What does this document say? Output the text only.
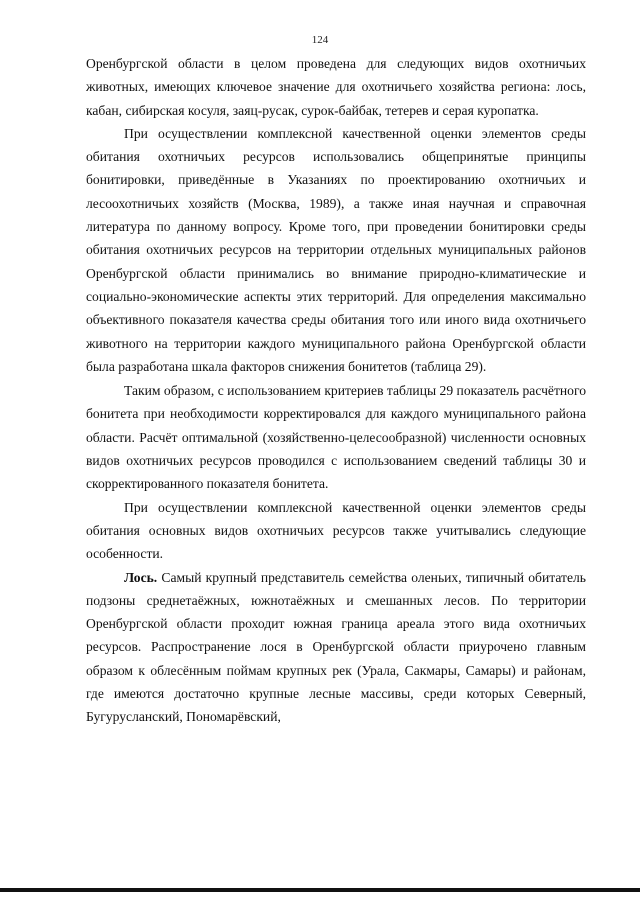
124

Оренбургской области в целом проведена для следующих видов охотничьих животных, имеющих ключевое значение для охотничьего хозяйства региона: лось, кабан, сибирская косуля, заяц-русак, сурок-байбак, тетерев и серая куропатка.

При осуществлении комплексной качественной оценки элементов среды обитания охотничьих ресурсов использовались общепринятые принципы бонитировки, приведённые в Указаниях по проектированию охотничьих и лесоохотничьих хозяйств (Москва, 1989), а также иная научная и справочная литература по данному вопросу. Кроме того, при проведении бонитировки среды обитания охотничьих ресурсов на территории отдельных муниципальных районов Оренбургской области принимались во внимание природно-климатические и социально-экономические аспекты этих территорий. Для определения максимально объективного показателя качества среды обитания того или иного вида охотничьего животного на территории каждого муниципального района Оренбургской области была разработана шкала факторов снижения бонитетов (таблица 29).

Таким образом, с использованием критериев таблицы 29 показатель расчётного бонитета при необходимости корректировался для каждого муниципального района области. Расчёт оптимальной (хозяйственно-целесообразной) численности основных видов охотничьих ресурсов проводился с использованием сведений таблицы 30 и скорректированного показателя бонитета.

При осуществлении комплексной качественной оценки элементов среды обитания основных видов охотничьих ресурсов также учитывались следующие особенности.

Лось. Самый крупный представитель семейства оленьих, типичный обитатель подзоны среднетаёжных, южнотаёжных и смешанных лесов. По территории Оренбургской области проходит южная граница ареала этого вида охотничьих ресурсов. Распространение лося в Оренбургской области приурочено главным образом к облесённым поймам крупных рек (Урала, Сакмары, Самары) и районам, где имеются достаточно крупные лесные массивы, среди которых Северный, Бугурусланский, Пономарёвский,
